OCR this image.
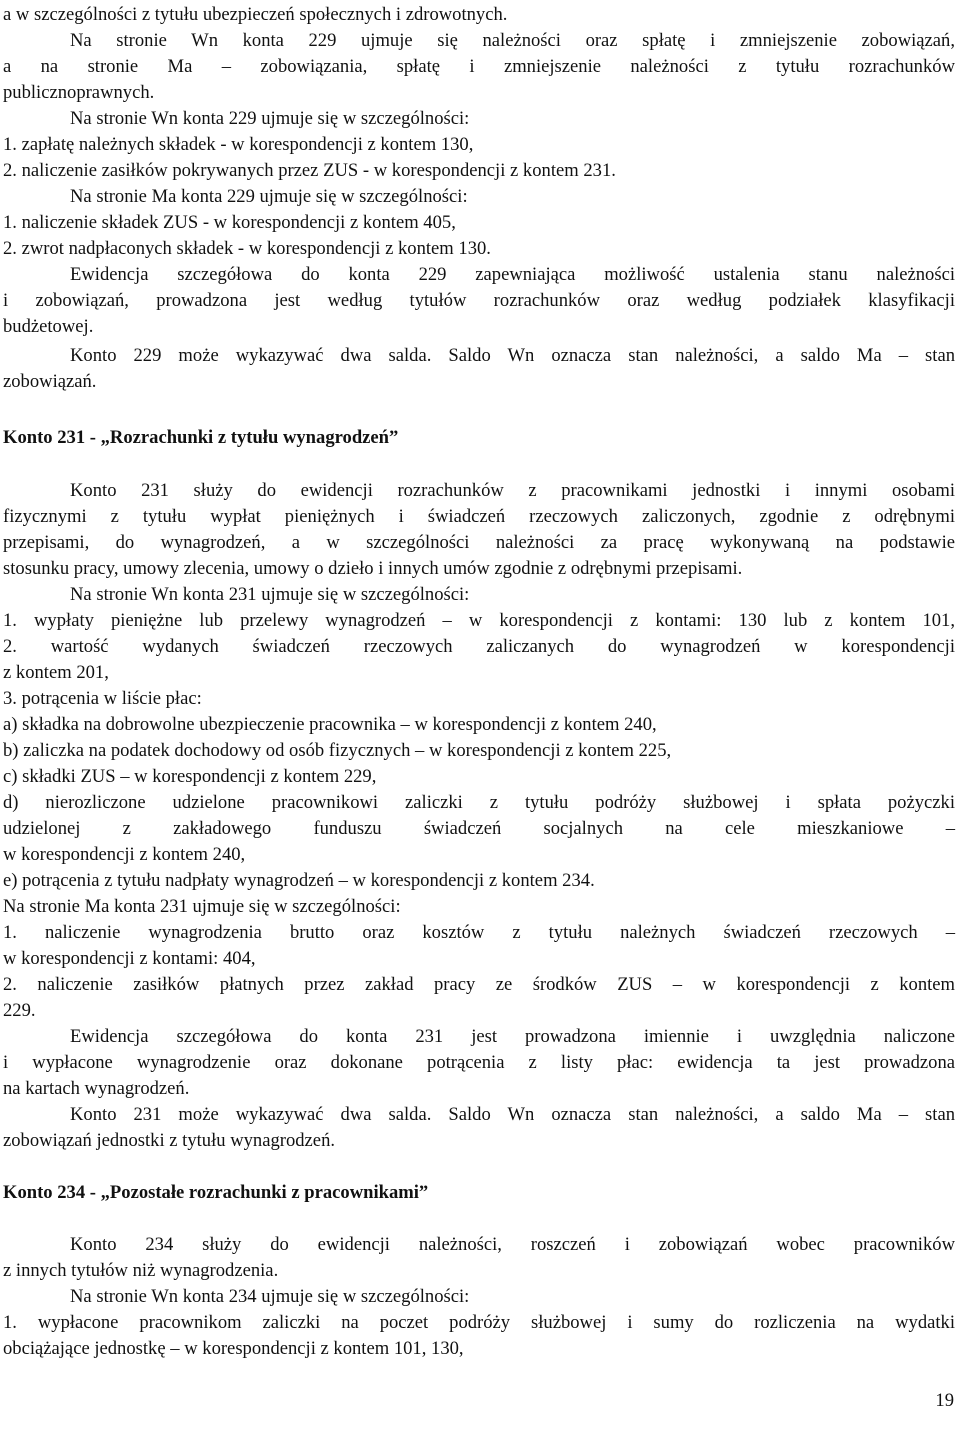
a w szczególności z tytułu ubezpieczeń społecznych i zdrowotnych.
Na stronie Wn konta 229 ujmuje się należności oraz spłatę i zmniejszenie zobowiązań,
a na stronie Ma – zobowiązania, spłatę i zmniejszenie należności z tytułu rozrachunków
publicznoprawnych.
Na stronie Wn konta 229 ujmuje się w szczególności:
1. zapłatę należnych składek - w korespondencji z kontem 130,
2. naliczenie zasiłków pokrywanych przez ZUS - w korespondencji z kontem 231.
Na stronie Ma konta 229 ujmuje się w szczególności:
1. naliczenie składek ZUS - w korespondencji z kontem 405,
2. zwrot nadpłaconych składek - w korespondencji z kontem 130.
Ewidencja szczegółowa do konta 229 zapewniająca możliwość ustalenia stanu należności
i zobowiązań, prowadzona jest według tytułów rozrachunków oraz według podziałek klasyfikacji
budżetowej.
Konto 229 może wykazywać dwa salda. Saldo Wn oznacza stan należności, a saldo Ma – stan
zobowiązań.
Konto 231 - „Rozrachunki z tytułu wynagrodzeń”
Konto 231 służy do ewidencji rozrachunków z pracownikami jednostki i innymi osobami
fizycznymi z tytułu wypłat pieniężnych i świadczeń rzeczowych zaliczonych, zgodnie z odrębnymi
przepisami, do wynagrodzeń, a w szczególności należności za pracę wykonywaną na podstawie
stosunku pracy, umowy zlecenia, umowy o dzieło i innych umów zgodnie z odrębnymi przepisami.
Na stronie Wn konta 231 ujmuje się w szczególności:
1. wypłaty pieniężne lub przelewy wynagrodzeń – w korespondencji z kontami: 130 lub z kontem 101,
2. wartość wydanych świadczeń rzeczowych zaliczanych do wynagrodzeń w korespondencji
z kontem 201,
3. potrącenia w liście płac:
a) składka na dobrowolne ubezpieczenie pracownika – w korespondencji z kontem 240,
b) zaliczka na podatek dochodowy od osób fizycznych – w korespondencji z kontem 225,
c) składki ZUS – w korespondencji z kontem 229,
d) nierozliczone udzielone pracownikowi zaliczki z tytułu podróży służbowej i spłata pożyczki
udzielonej z zakładowego funduszu świadczeń socjalnych na cele mieszkaniowe –
w korespondencji z kontem 240,
e) potrącenia z tytułu nadpłaty wynagrodzeń – w korespondencji z kontem 234.
Na stronie Ma konta 231 ujmuje się w szczególności:
1. naliczenie wynagrodzenia brutto oraz kosztów z tytułu należnych świadczeń rzeczowych –
w korespondencji z kontami: 404,
2. naliczenie zasiłków płatnych przez zakład pracy ze środków ZUS – w korespondencji z kontem
229.
Ewidencja szczegółowa do konta 231 jest prowadzona imiennie i uwzględnia naliczone
i wypłacone wynagrodzenie oraz dokonane potrącenia z listy płac: ewidencja ta jest prowadzona
na kartach wynagrodzeń.
Konto 231 może wykazywać dwa salda. Saldo Wn oznacza stan należności, a saldo Ma – stan
zobowiązań jednostki z tytułu wynagrodzeń.
Konto 234 - „Pozostałe rozrachunki z pracownikami”
Konto 234 służy do ewidencji należności, roszczeń i zobowiązań wobec pracowników
z innych tytułów niż wynagrodzenia.
Na stronie Wn konta 234 ujmuje się w szczególności:
1. wypłacone pracownikom zaliczki na poczet podróży służbowej i sumy do rozliczenia na wydatki
obciążające jednostkę – w korespondencji z kontem 101, 130,
19
